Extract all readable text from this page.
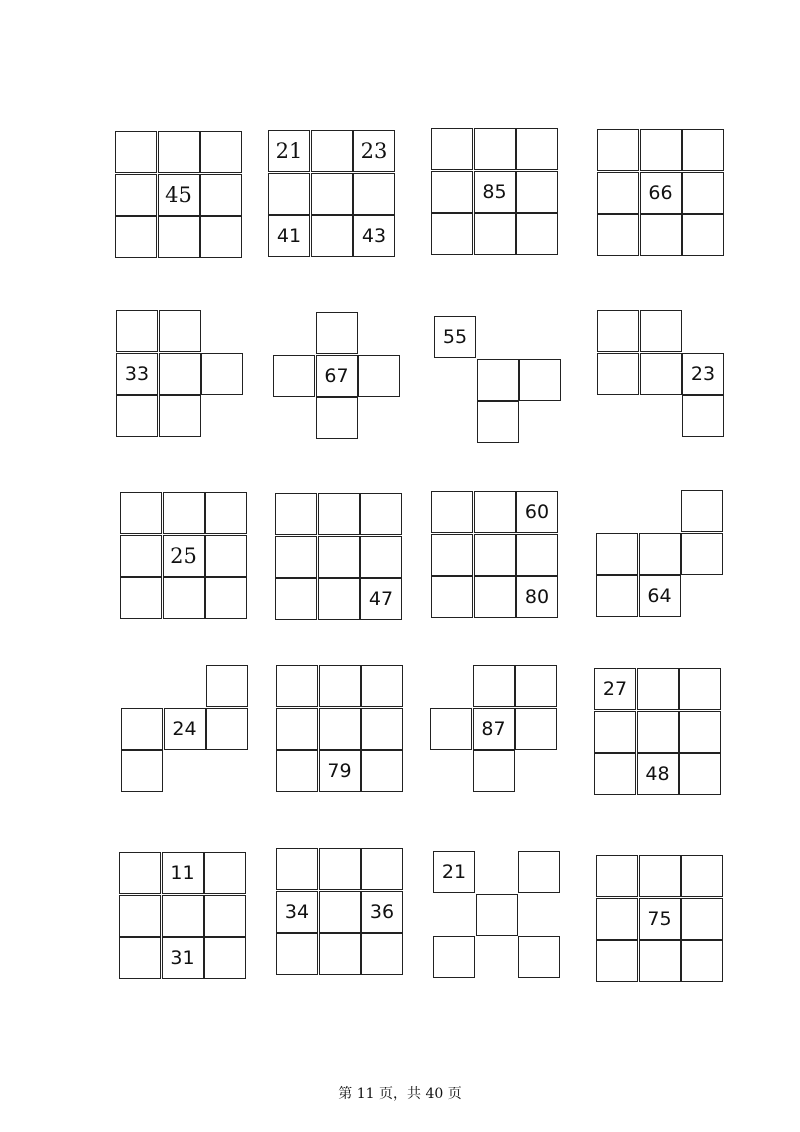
45
21	23
41	43
85	66
33	67
55
23
25
47
60
80	64
24
79
87
27
48
11
31
34	36
21
75
第 11 页，共 40 页
